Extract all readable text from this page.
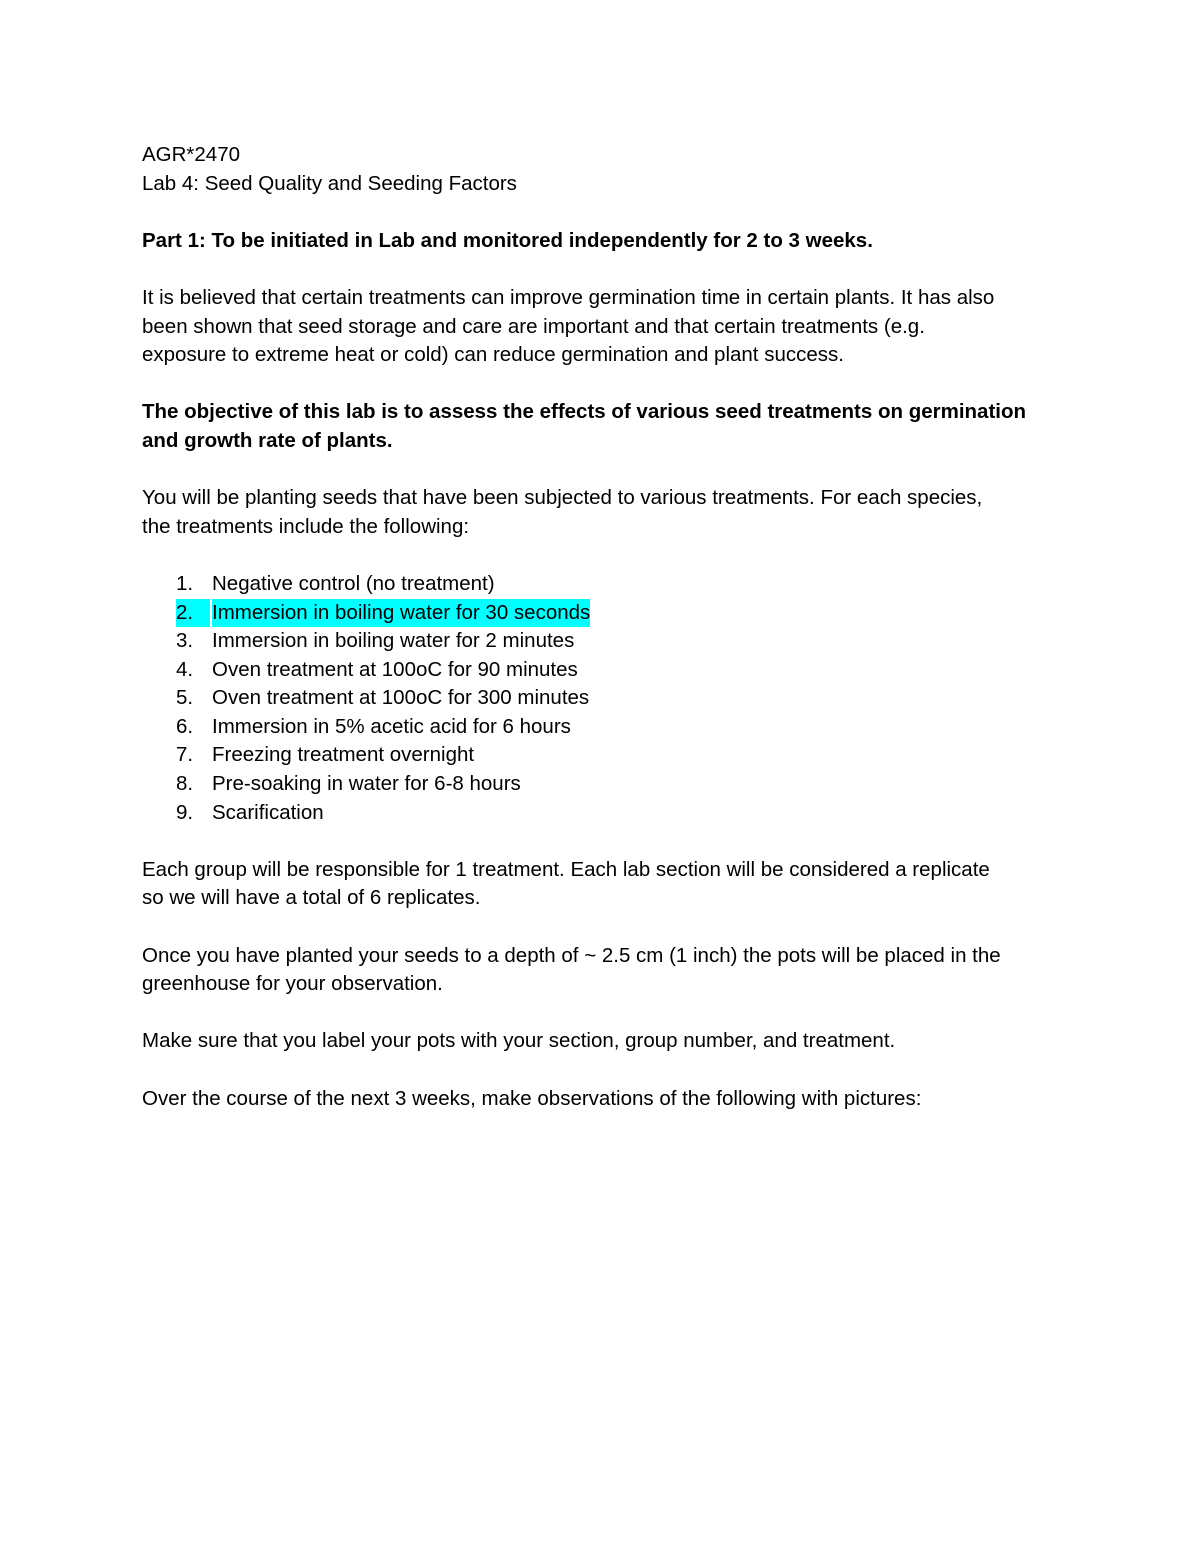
AGR*2470
Lab 4: Seed Quality and Seeding Factors
Part 1: To be initiated in Lab and monitored independently for 2 to 3 weeks.
It is believed that certain treatments can improve germination time in certain plants. It has also
been shown that seed storage and care are important and that certain treatments (e.g.
exposure to extreme heat or cold) can reduce germination and plant success.
The objective of this lab is to assess the effects of various seed treatments on germination
and growth rate of plants.
You will be planting seeds that have been subjected to various treatments. For each species,
the treatments include the following:
1. Negative control (no treatment)
2. Immersion in boiling water for 30 seconds
3. Immersion in boiling water for 2 minutes
4. Oven treatment at 100oC for 90 minutes
5. Oven treatment at 100oC for 300 minutes
6. Immersion in 5% acetic acid for 6 hours
7. Freezing treatment overnight
8. Pre-soaking in water for 6-8 hours
9. Scarification
Each group will be responsible for 1 treatment. Each lab section will be considered a replicate
so we will have a total of 6 replicates.
Once you have planted your seeds to a depth of ~ 2.5 cm (1 inch) the pots will be placed in the
greenhouse for your observation.
Make sure that you label your pots with your section, group number, and treatment.
Over the course of the next 3 weeks, make observations of the following with pictures:
